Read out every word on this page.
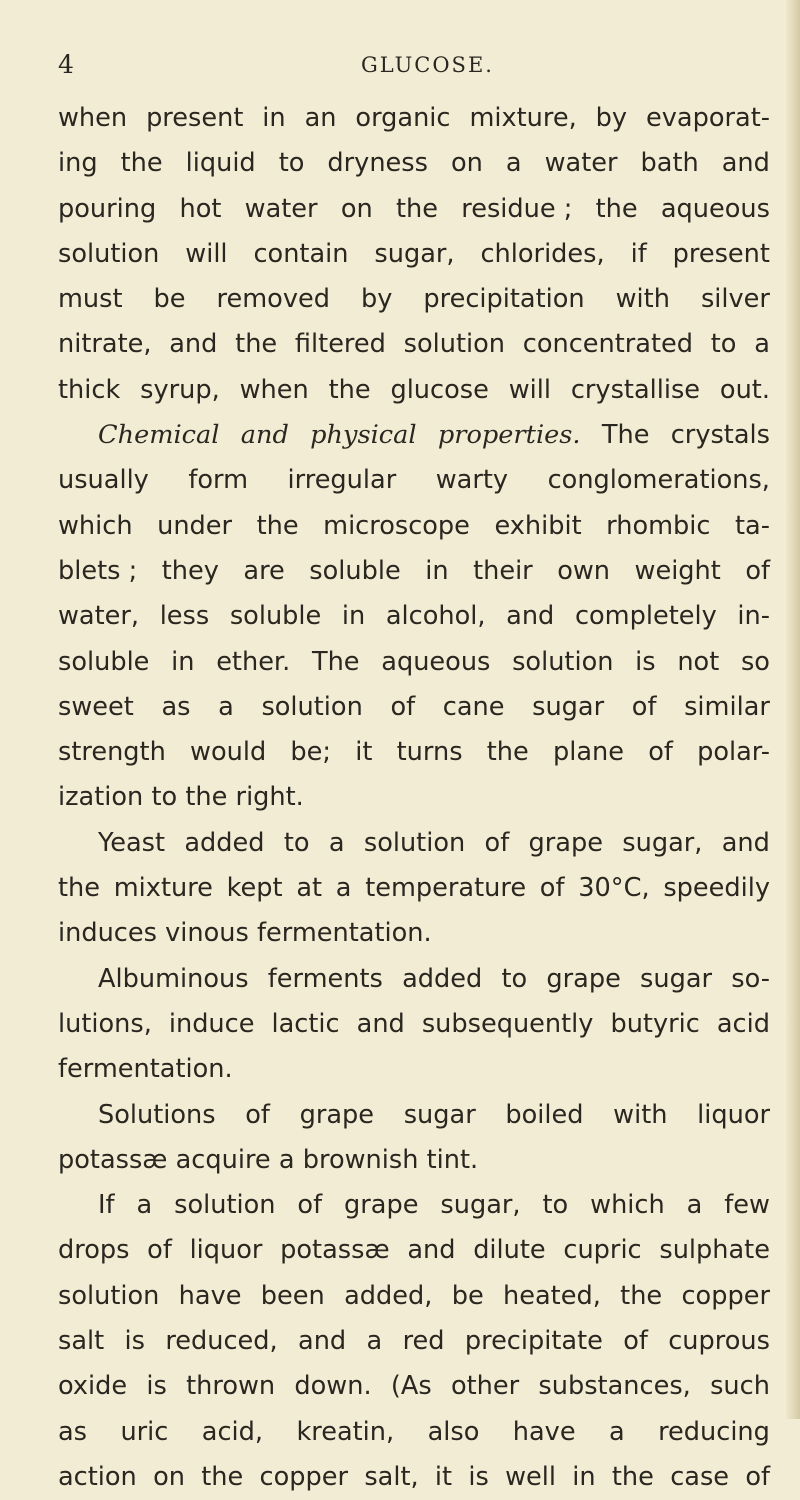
4	GLUCOSE.
when present in an organic mixture, by evaporat-
ing the liquid to dryness on a water bath and
pouring hot water on the residue ; the aqueous
solution will contain sugar, chlorides, if present
must be removed by precipitation with silver
nitrate, and the filtered solution concentrated to a
thick syrup, when the glucose will crystallise out.
Chemical and physical properties. The crystals
usually form irregular warty conglomerations,
which under the microscope exhibit rhombic ta-
blets ; they are soluble in their own weight of
water, less soluble in alcohol, and completely in-
soluble in ether. The aqueous solution is not so
sweet as a solution of cane sugar of similar
strength would be; it turns the plane of polar-
ization to the right.
Yeast added to a solution of grape sugar, and
the mixture kept at a temperature of 30°C, speedily
induces vinous fermentation.
Albuminous ferments added to grape sugar so-
lutions, induce lactic and subsequently butyric acid
fermentation.
Solutions of grape sugar boiled with liquor
potassæ acquire a brownish tint.
If a solution of grape sugar, to which a few
drops of liquor potassæ and dilute cupric sulphate
solution have been added, be heated, the copper
salt is reduced, and a red precipitate of cuprous
oxide is thrown down. (As other substances, such
as uric acid, kreatin, also have a reducing
action on the copper salt, it is well in the case of
